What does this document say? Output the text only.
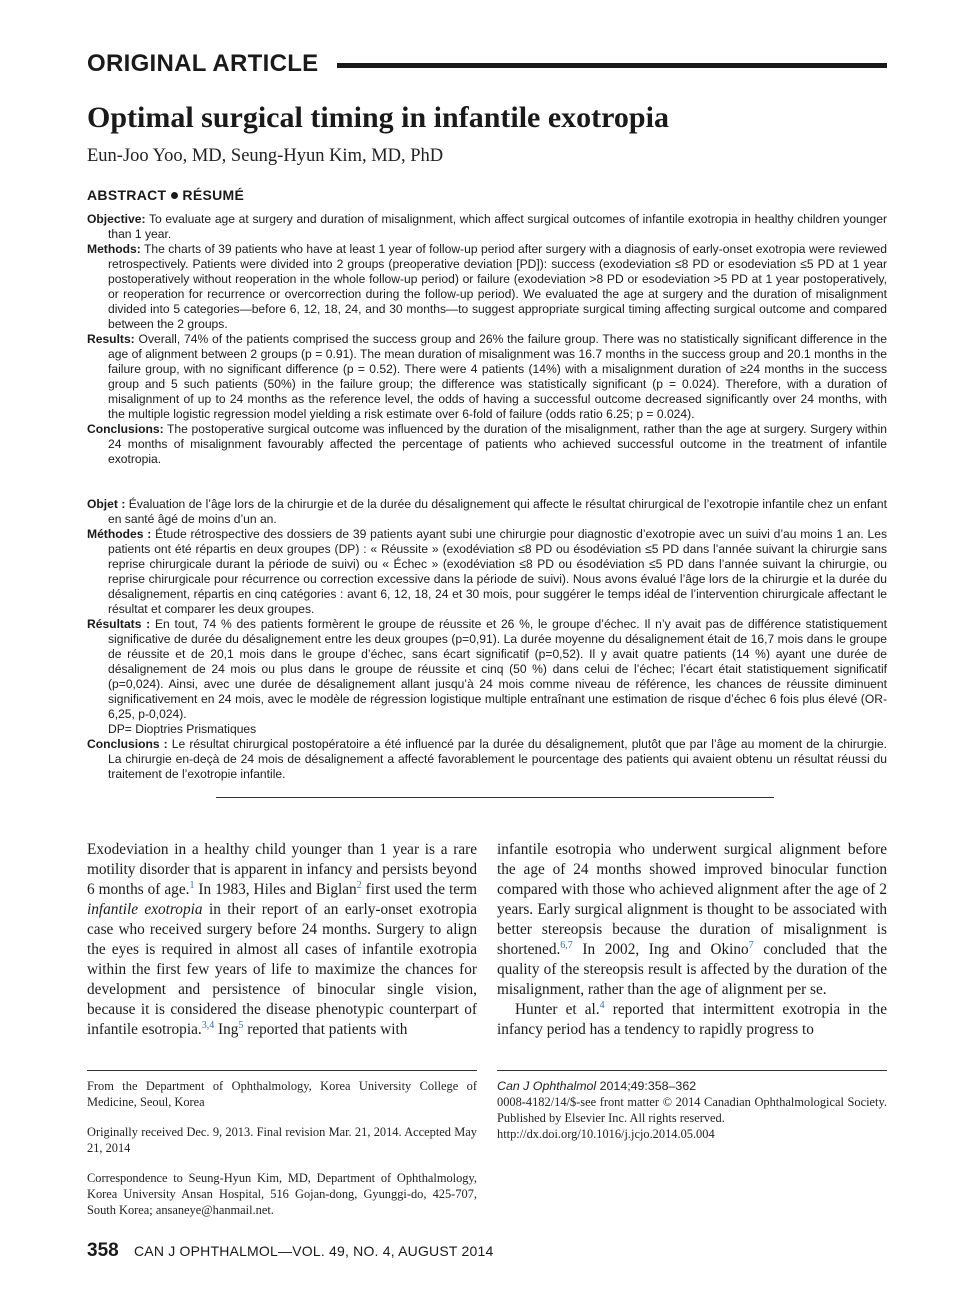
ORIGINAL ARTICLE
Optimal surgical timing in infantile exotropia
Eun-Joo Yoo, MD, Seung-Hyun Kim, MD, PhD
ABSTRACT RÉSUMÉ

Objective: To evaluate age at surgery and duration of misalignment, which affect surgical outcomes of infantile exotropia in healthy children younger than 1 year.

Methods: The charts of 39 patients who have at least 1 year of follow-up period after surgery with a diagnosis of early-onset exotropia were reviewed retrospectively. Patients were divided into 2 groups (preoperative deviation [PD]): success (exodeviation ≤8 PD or esodeviation ≤5 PD at 1 year postoperatively without reoperation in the whole follow-up period) or failure (exodeviation >8 PD or esodeviation >5 PD at 1 year postoperatively, or reoperation for recurrence or overcorrection during the follow-up period). We evaluated the age at surgery and the duration of misalignment divided into 5 categories—before 6, 12, 18, 24, and 30 months—to suggest appropriate surgical timing affecting surgical outcome and compared between the 2 groups.

Results: Overall, 74% of the patients comprised the success group and 26% the failure group. There was no statistically significant difference in the age of alignment between 2 groups (p = 0.91). The mean duration of misalignment was 16.7 months in the success group and 20.1 months in the failure group, with no significant difference (p = 0.52). There were 4 patients (14%) with a misalignment duration of ≥24 months in the success group and 5 such patients (50%) in the failure group; the difference was statistically significant (p = 0.024). Therefore, with a duration of misalignment of up to 24 months as the reference level, the odds of having a successful outcome decreased significantly over 24 months, with the multiple logistic regression model yielding a risk estimate over 6-fold of failure (odds ratio 6.25; p = 0.024).

Conclusions: The postoperative surgical outcome was influenced by the duration of the misalignment, rather than the age at surgery. Surgery within 24 months of misalignment favourably affected the percentage of patients who achieved successful outcome in the treatment of infantile exotropia.

Objet : Évaluation de l’âge lors de la chirurgie et de la durée du désalignement qui affecte le résultat chirurgical de l’exotropie infantile chez un enfant en santé âgé de moins d’un an.

Méthodes : Étude rétrospective des dossiers de 39 patients ayant subi une chirurgie pour diagnostic d’exotropie avec un suivi d’au moins 1 an. Les patients ont été répartis en deux groupes (DP) : « Réussite » (exodéviation ≤8 PD ou ésodéviation ≤5 PD dans l’année suivant la chirurgie sans reprise chirurgicale durant la période de suivi) ou « Échec » (exodéviation ≤8 PD ou ésodéviation ≤5 PD dans l’année suivant la chirurgie, ou reprise chirurgicale pour récurrence ou correction excessive dans la période de suivi). Nous avons évalué l’âge lors de la chirurgie et la durée du désalignement, répartis en cinq catégories : avant 6, 12, 18, 24 et 30 mois, pour suggérer le temps idéal de l’intervention chirurgicale affectant le résultat et comparer les deux groupes.

Résultats : En tout, 74 % des patients formèrent le groupe de réussite et 26 %, le groupe d’échec. Il n’y avait pas de différence statistiquement significative de durée du désalignement entre les deux groupes (p=0,91). La durée moyenne du désalignement était de 16,7 mois dans le groupe de réussite et de 20,1 mois dans le groupe d’échec, sans écart significatif (p=0,52). Il y avait quatre patients (14 %) ayant une durée de désalignement de 24 mois ou plus dans le groupe de réussite et cinq (50 %) dans celui de l’échec; l’écart était statistiquement significatif (p=0,024). Ainsi, avec une durée de désalignement allant jusqu’à 24 mois comme niveau de référence, les chances de réussite diminuent significativement en 24 mois, avec le modèle de régression logistique multiple entraînant une estimation de risque d’échec 6 fois plus élevé (OR-6,25, p-0,024).
DP= Dioptries Prismatiques

Conclusions : Le résultat chirurgical postopératoire a été influencé par la durée du désalignement, plutôt que par l’âge au moment de la chirurgie. La chirurgie en-deçà de 24 mois de désalignement a affecté favorablement le pourcentage des patients qui avaient obtenu un résultat réussi du traitement de l’exotropie infantile.

Exodeviation in a healthy child younger than 1 year is a rare motility disorder that is apparent in infancy and persists beyond 6 months of age.$^1$ In 1983, Hiles and Biglan$^2$ first used the term infantile exotropia in their report of an early-onset exotropia case who received surgery before 24 months. Surgery to align the eyes is required in almost all cases of infantile exotropia within the first few years of life to maximize the chances for development and persistence of binocular single vision, because it is considered the disease phenotypic counterpart of infantile esotropia.$^{3,4}$ Ing$^5$ reported that patients with

infantile esotropia who underwent surgical alignment before the age of 24 months showed improved binocular function compared with those who achieved alignment after the age of 2 years. Early surgical alignment is thought to be associated with better stereopsis because the duration of misalignment is shortened.$^{6,7}$ In 2002, Ing and Okino$^7$ concluded that the quality of the stereopsis result is affected by the duration of the misalignment, rather than the age of alignment per se.

Hunter et al.$^4$ reported that intermittent exotropia in the infancy period has a tendency to rapidly progress to

From the Department of Ophthalmology, Korea University College of Medicine, Seoul, Korea

Originally received Dec. 9, 2013. Final revision Mar. 21, 2014. Accepted May 21, 2014

Correspondence to Seung-Hyun Kim, MD, Department of Ophthalmology, Korea University Ansan Hospital, 516 Gojan-dong, Gyunggi-do, 425-707, South Korea; ansaneye@hanmail.net.

Can J Ophthalmol 2014;49:358–362
0008-4182/14/$-see front matter © 2014 Canadian Ophthalmological Society. Published by Elsevier Inc. All rights reserved.
http://dx.doi.org/10.1016/j.jcjo.2014.05.004
358 CAN J OPHTHALMOL—VOL. 49, NO. 4, AUGUST 2014
